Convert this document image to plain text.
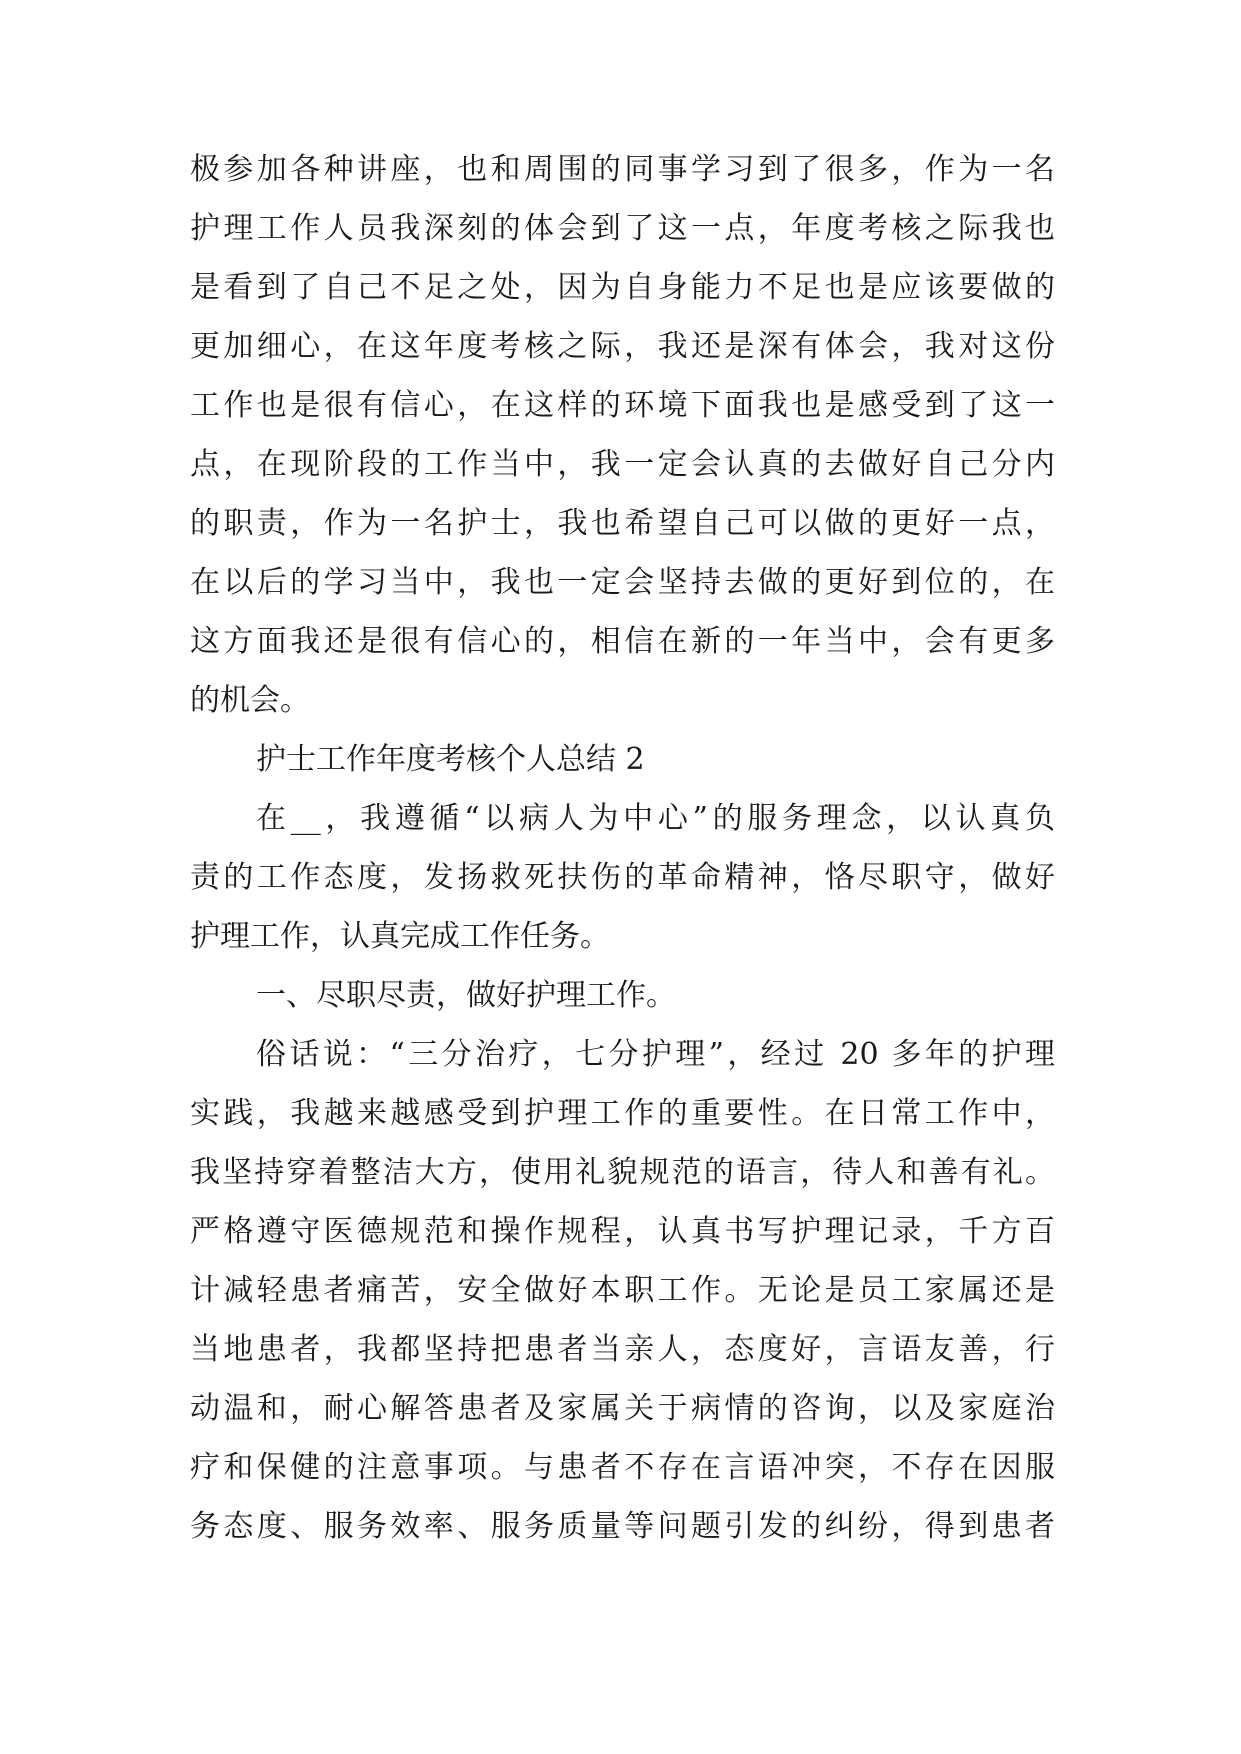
极参加各种讲座，也和周围的同事学习到了很多，作为一名
护理工作人员我深刻的体会到了这一点，年度考核之际我也
是看到了自己不足之处，因为自身能力不足也是应该要做的
更加细心，在这年度考核之际，我还是深有体会，我对这份
工作也是很有信心，在这样的环境下面我也是感受到了这一
点，在现阶段的工作当中，我一定会认真的去做好自己分内
的职责，作为一名护士，我也希望自己可以做的更好一点，
在以后的学习当中，我也一定会坚持去做的更好到位的，在
这方面我还是很有信心的，相信在新的一年当中，会有更多
的机会。
护士工作年度考核个人总结 2
在__，我遵循“以病人为中心”的服务理念，以认真负
责的工作态度，发扬救死扶伤的革命精神，恪尽职守，做好
护理工作，认真完成工作任务。
一、尽职尽责，做好护理工作。
俗话说：“三分治疗，七分护理”，经过 20 多年的护理
实践，我越来越感受到护理工作的重要性。在日常工作中，
我坚持穿着整洁大方，使用礼貌规范的语言，待人和善有礼。
严格遵守医德规范和操作规程，认真书写护理记录，千方百
计减轻患者痛苦，安全做好本职工作。无论是员工家属还是
当地患者，我都坚持把患者当亲人，态度好，言语友善，行
动温和，耐心解答患者及家属关于病情的咨询，以及家庭治
疗和保健的注意事项。与患者不存在言语冲突，不存在因服
务态度、服务效率、服务质量等问题引发的纠纷，得到患者
